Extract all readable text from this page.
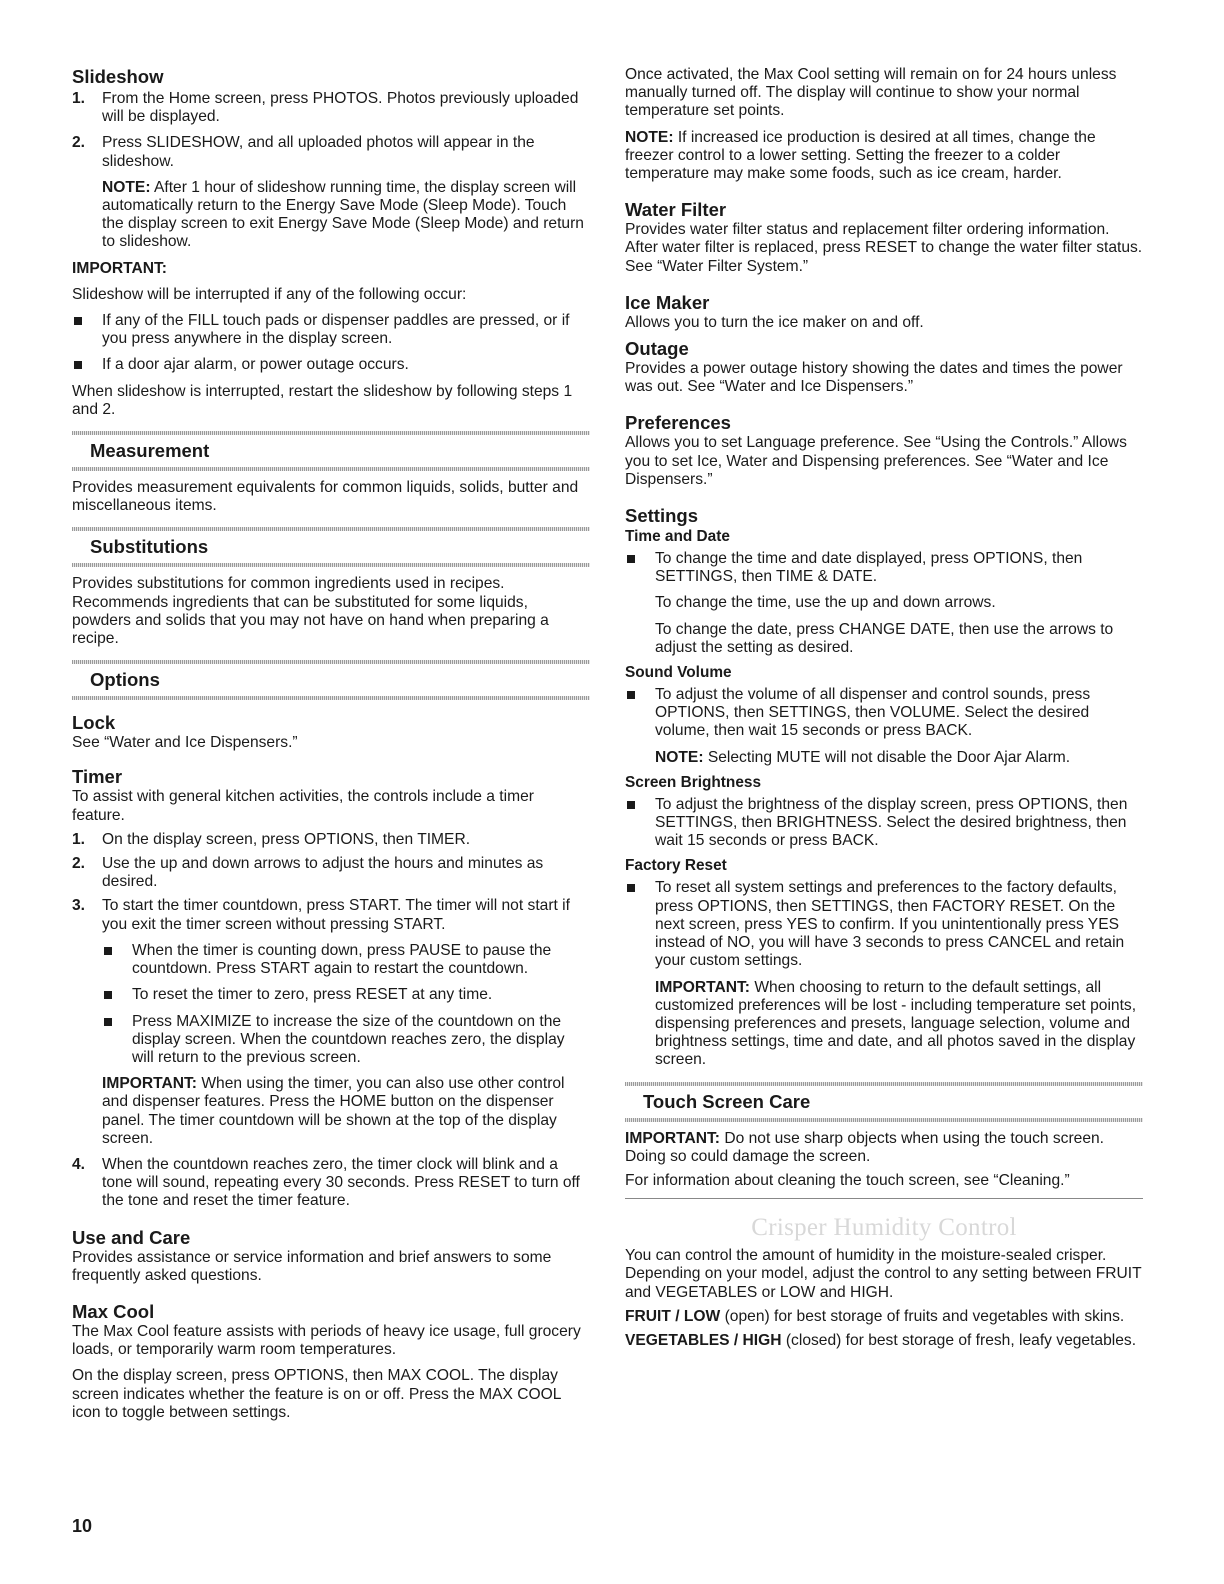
Slideshow

1. From the Home screen, press PHOTOS. Photos previously uploaded will be displayed.

2. Press SLIDESHOW, and all uploaded photos will appear in the slideshow.

NOTE: After 1 hour of slideshow running time, the display screen will automatically return to the Energy Save Mode (Sleep Mode). Touch the display screen to exit Energy Save Mode (Sleep Mode) and return to slideshow.

IMPORTANT:

Slideshow will be interrupted if any of the following occur:

If any of the FILL touch pads or dispenser paddles are pressed, or if you press anywhere in the display screen.

If a door ajar alarm, or power outage occurs.

When slideshow is interrupted, restart the slideshow by following steps 1 and 2.

Measurement

Provides measurement equivalents for common liquids, solids, butter and miscellaneous items.

Substitutions

Provides substitutions for common ingredients used in recipes. Recommends ingredients that can be substituted for some liquids, powders and solids that you may not have on hand when preparing a recipe.

Options

Lock

See “Water and Ice Dispensers.”

Timer

To assist with general kitchen activities, the controls include a timer feature.

1. On the display screen, press OPTIONS, then TIMER.

2. Use the up and down arrows to adjust the hours and minutes as desired.

3. To start the timer countdown, press START. The timer will not start if you exit the timer screen without pressing START.

When the timer is counting down, press PAUSE to pause the countdown. Press START again to restart the countdown.

To reset the timer to zero, press RESET at any time.

Press MAXIMIZE to increase the size of the countdown on the display screen. When the countdown reaches zero, the display will return to the previous screen.

IMPORTANT: When using the timer, you can also use other control and dispenser features. Press the HOME button on the dispenser panel. The timer countdown will be shown at the top of the display screen.

4. When the countdown reaches zero, the timer clock will blink and a tone will sound, repeating every 30 seconds. Press RESET to turn off the tone and reset the timer feature.

Use and Care

Provides assistance or service information and brief answers to some frequently asked questions.

Max Cool

The Max Cool feature assists with periods of heavy ice usage, full grocery loads, or temporarily warm room temperatures.

On the display screen, press OPTIONS, then MAX COOL. The display screen indicates whether the feature is on or off. Press the MAX COOL icon to toggle between settings.

Once activated, the Max Cool setting will remain on for 24 hours unless manually turned off. The display will continue to show your normal temperature set points.

NOTE: If increased ice production is desired at all times, change the freezer control to a lower setting. Setting the freezer to a colder temperature may make some foods, such as ice cream, harder.

Water Filter

Provides water filter status and replacement filter ordering information. After water filter is replaced, press RESET to change the water filter status. See “Water Filter System.”

Ice Maker

Allows you to turn the ice maker on and off.

Outage

Provides a power outage history showing the dates and times the power was out. See “Water and Ice Dispensers.”

Preferences

Allows you to set Language preference. See “Using the Controls.” Allows you to set Ice, Water and Dispensing preferences. See “Water and Ice Dispensers.”

Settings

Time and Date

To change the time and date displayed, press OPTIONS, then SETTINGS, then TIME & DATE.

To change the time, use the up and down arrows.

To change the date, press CHANGE DATE, then use the arrows to adjust the setting as desired.

Sound Volume

To adjust the volume of all dispenser and control sounds, press OPTIONS, then SETTINGS, then VOLUME. Select the desired volume, then wait 15 seconds or press BACK.

NOTE: Selecting MUTE will not disable the Door Ajar Alarm.

Screen Brightness

To adjust the brightness of the display screen, press OPTIONS, then SETTINGS, then BRIGHTNESS. Select the desired brightness, then wait 15 seconds or press BACK.

Factory Reset

To reset all system settings and preferences to the factory defaults, press OPTIONS, then SETTINGS, then FACTORY RESET. On the next screen, press YES to confirm. If you unintentionally press YES instead of NO, you will have 3 seconds to press CANCEL and retain your custom settings.

IMPORTANT: When choosing to return to the default settings, all customized preferences will be lost - including temperature set points, dispensing preferences and presets, language selection, volume and brightness settings, time and date, and all photos saved in the display screen.

Touch Screen Care

IMPORTANT: Do not use sharp objects when using the touch screen. Doing so could damage the screen.

For information about cleaning the touch screen, see “Cleaning.”

Crisper Humidity Control

You can control the amount of humidity in the moisture-sealed crisper. Depending on your model, adjust the control to any setting between FRUIT and VEGETABLES or LOW and HIGH.

FRUIT / LOW (open) for best storage of fruits and vegetables with skins.

VEGETABLES / HIGH (closed) for best storage of fresh, leafy vegetables.

10
